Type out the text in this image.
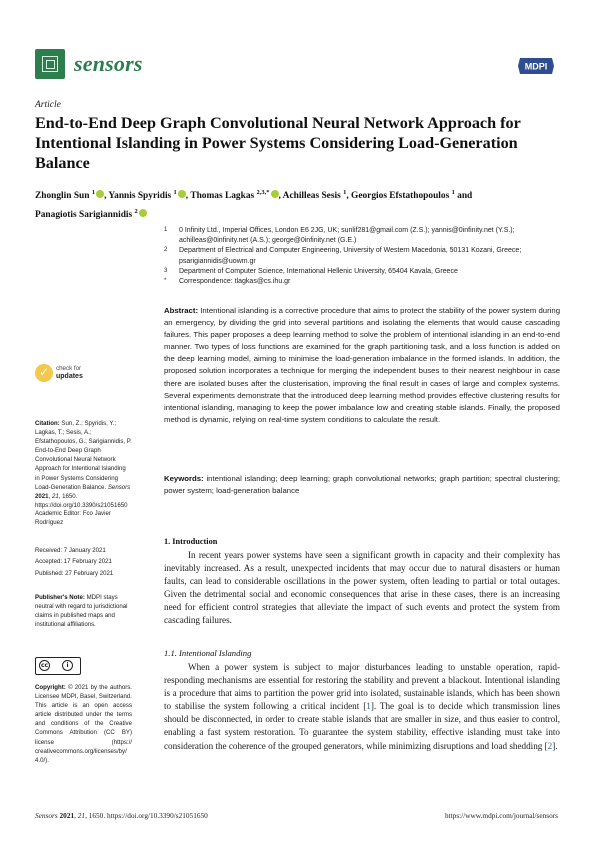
sensors	MDPI
Article
End-to-End Deep Graph Convolutional Neural Network Approach for Intentional Islanding in Power Systems Considering Load-Generation Balance
Zhonglin Sun $^1$ , Yannis Spyridis $^1$ , Thomas Lagkas $^{2,3,*}$ , Achilleas Sesis $^1$, Georgios Efstathopoulos $^1$ and
Panagiotis Sarigiannidis $^2$
1 0 Infinity Ltd., Imperial Offices, London E6 2JG, UK; sunlif281@gmail.com (Z.S.); yannis@0infinity.net (Y.S.); achilleas@0infinity.net (A.S.); george@0infinity.net (G.E.)
2 Department of Electrical and Computer Engineering, University of Western Macedonia, 50131 Kozani, Greece; psarigiannidis@uowm.gr
3 Department of Computer Science, International Hellenic University, 65404 Kavala, Greece
* Correspondence: tlagkas@cs.ihu.gr
Abstract: Intentional islanding is a corrective procedure that aims to protect the stability of the power system during an emergency, by dividing the grid into several partitions and isolating the elements that would cause cascading failures. This paper proposes a deep learning method to solve the problem of intentional islanding in an end-to-end manner. Two types of loss functions are examined for the graph partitioning task, and a loss function is added on the deep learning model, aiming to minimise the load-generation imbalance in the formed islands. In addition, the proposed solution incorporates a technique for merging the independent buses to their nearest neighbour in case there are isolated buses after the clusterisation, improving the final result in cases of large and complex systems. Several experiments demonstrate that the introduced deep learning method provides effective clustering results for intentional islanding, managing to keep the power imbalance low and creating stable islands. Finally, the proposed method is dynamic, relying on real-time system conditions to calculate the result.
Keywords: intentional islanding; deep learning; graph convolutional networks; graph partition; spectral clustering; power system; load-generation balance
✓
check for
updates
Citation: Sun, Z.; Spyridis, Y.; Lagkas, T.; Sesis, A.; Efstathopoulos, G.; Sarigiannidis, P. End-to-End Deep Graph Convolutional Neural Network Approach for Intentional Islanding in Power Systems Considering Load-Generation Balance. Sensors 2021, 21, 1650. https://doi.org/10.3390/s21051650
Academic Editor: Fco Javier Rodríguez
Received: 7 January 2021
Accepted: 17 February 2021
Published: 27 February 2021
Publisher's Note: MDPI stays neutral with regard to jurisdictional claims in published maps and institutional affiliations.
cc	i
Copyright: © 2021 by the authors. Licensee MDPI, Basel, Switzerland. This article is an open access article distributed under the terms and conditions of the Creative Commons Attribution (CC BY) license (https:// creativecommons.org/licenses/by/ 4.0/).
1. Introduction
In recent years power systems have seen a significant growth in capacity and their complexity has inevitably increased. As a result, unexpected incidents that may occur due to natural disasters or human faults, can lead to considerable oscillations in the power system, often leading to partial or total outages. Given the detrimental social and economic consequences that arise in these cases, there is an increasing need for efficient control strategies that alleviate the impact of such events and protect the system from cascading failures.
1.1. Intentional Islanding
When a power system is subject to major disturbances leading to unstable operation, rapid-responding mechanisms are essential for restoring the stability and prevent a blackout. Intentional islanding is a procedure that aims to partition the power grid into isolated, sustainable islands, which has been shown to stabilise the system following a critical incident [1]. The goal is to decide which transmission lines should be disconnected, in order to create stable islands that are smaller in size, and thus easier to control, enabling a fast system restoration. To guarantee the system stability, effective islanding must take into consideration the coherence of the grouped generators, while minimizing disruptions and load shedding [2].
Sensors 2021, 21, 1650. https://doi.org/10.3390/s21051650	https://www.mdpi.com/journal/sensors
